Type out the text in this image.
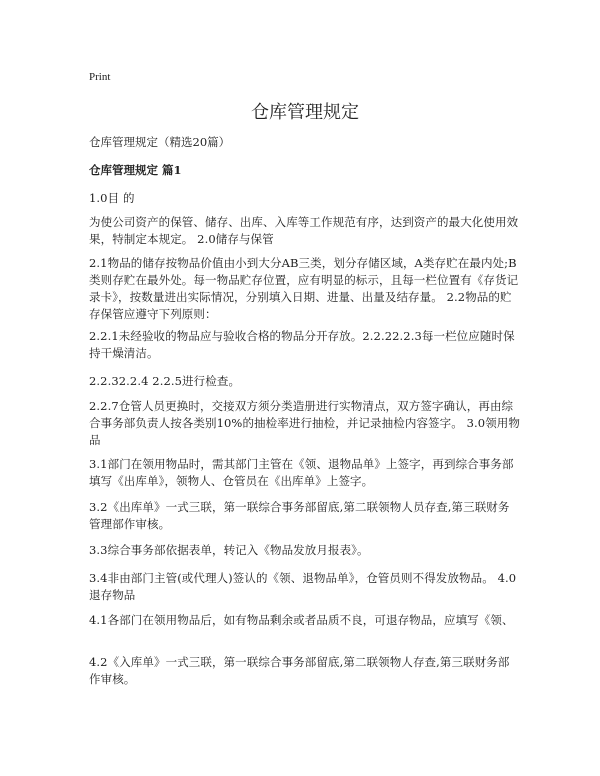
Print
仓库管理规定
仓库管理规定（精选20篇）
仓库管理规定 篇1

1.0目 的

为使公司资产的保管、储存、出库、入库等工作规范有序，达到资产的最大化使用效果，特制定本规定。 2.0储存与保管

2.1物品的储存按物品价值由小到大分AB三类，划分存储区域，A类存贮在最内处;B类则存贮在最外处。每一物品贮存位置，应有明显的标示，且每一栏位置有《存货记录卡》，按数量进出实际情况，分别填入日期、进量、出量及结存量。 2.2物品的贮存保管应遵守下列原则：

2.2.1未经验收的物品应与验收合格的物品分开存放。2.2.22.2.3每一栏位应随时保持干燥清洁。

2.2.32.2.4 2.2.5进行检查。

2.2.7仓管人员更换时，交接双方须分类造册进行实物清点，双方签字确认，再由综合事务部负责人按各类别10%的抽检率进行抽检，并记录抽检内容签字。 3.0领用物品

3.1部门在领用物品时，需其部门主管在《领、退物品单》上签字，再到综合事务部填写《出库单》，领物人、仓管员在《出库单》上签字。

3.2《出库单》一式三联，第一联综合事务部留底,第二联领物人员存查,第三联财务管理部作审核。

3.3综合事务部依据表单，转记入《物品发放月报表》。

3.4非由部门主管(或代理人)签认的《领、退物品单》，仓管员则不得发放物品。 4.0退存物品

4.1各部门在领用物品后，如有物品剩余或者品质不良，可退存物品，应填写《领、

4.2《入库单》一式三联，第一联综合事务部留底,第二联领物人存查,第三联财务部作审核。
